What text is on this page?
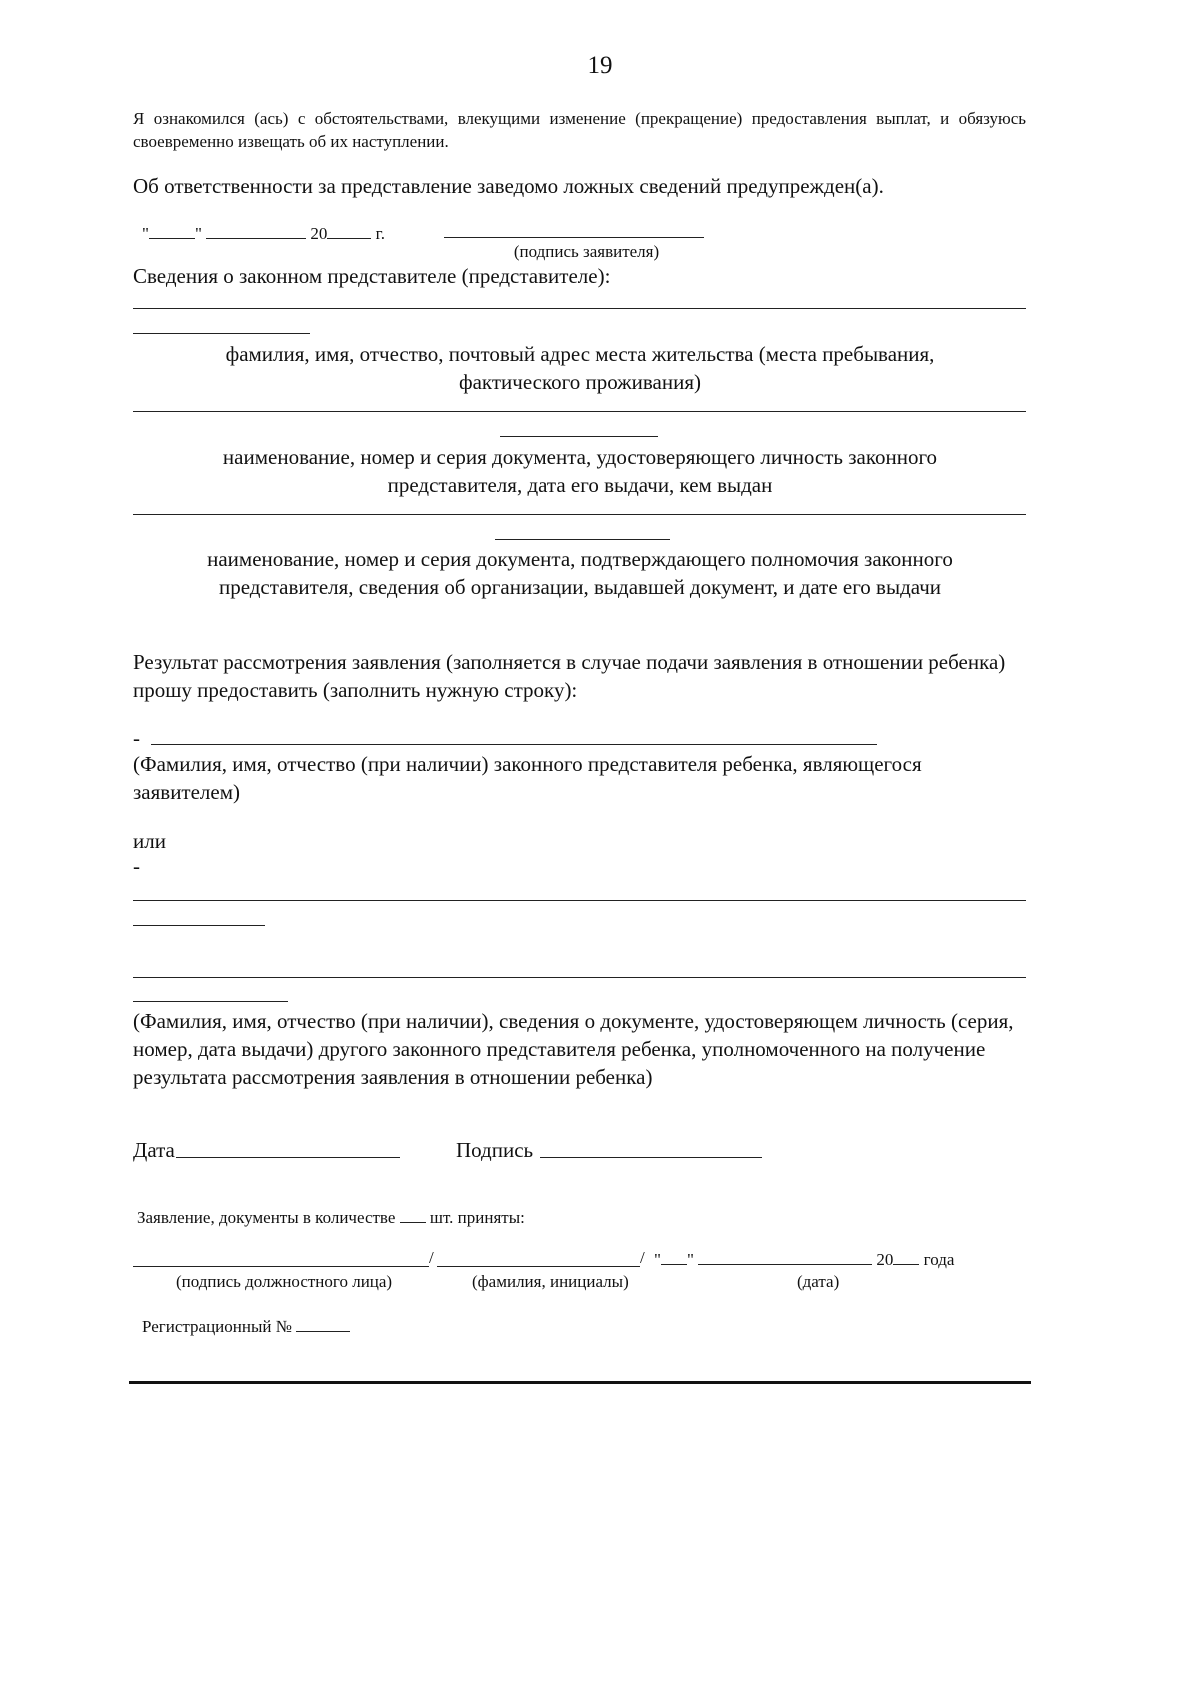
19

Я ознакомился (ась) с обстоятельствами, влекущими изменение (прекращение) предоставления выплат, и обязуюсь своевременно извещать об их наступлении.

Об ответственности за представление заведомо ложных сведений предупрежден(а).

"	"	20	г.
(подпись заявителя)

Сведения о законном представителе (представителе):

фамилия, имя, отчество, почтовый адрес места жительства (места пребывания, фактического проживания)

наименование, номер и серия документа, удостоверяющего личность законного представителя, дата его выдачи, кем выдан

наименование, номер и серия документа, подтверждающего полномочия законного представителя, сведения об организации, выдавшей документ, и дате его выдачи

Результат рассмотрения заявления (заполняется в случае подачи заявления в отношении ребенка) прошу предоставить (заполнить нужную строку):

-

(Фамилия, имя, отчество (при наличии) законного представителя ребенка, являющегося заявителем)

или
-

(Фамилия, имя, отчество (при наличии), сведения о документе, удостоверяющем личность (серия, номер, дата выдачи) другого законного представителя ребенка, уполномоченного на получение результата рассмотрения заявления в отношении ребенка)

Дата	Подпись
Заявление, документы в количестве шт. приняты:
/	/ " "	20 года
(подпись должностного лица)	(фамилия, инициалы)	(дата)
Регистрационный №
